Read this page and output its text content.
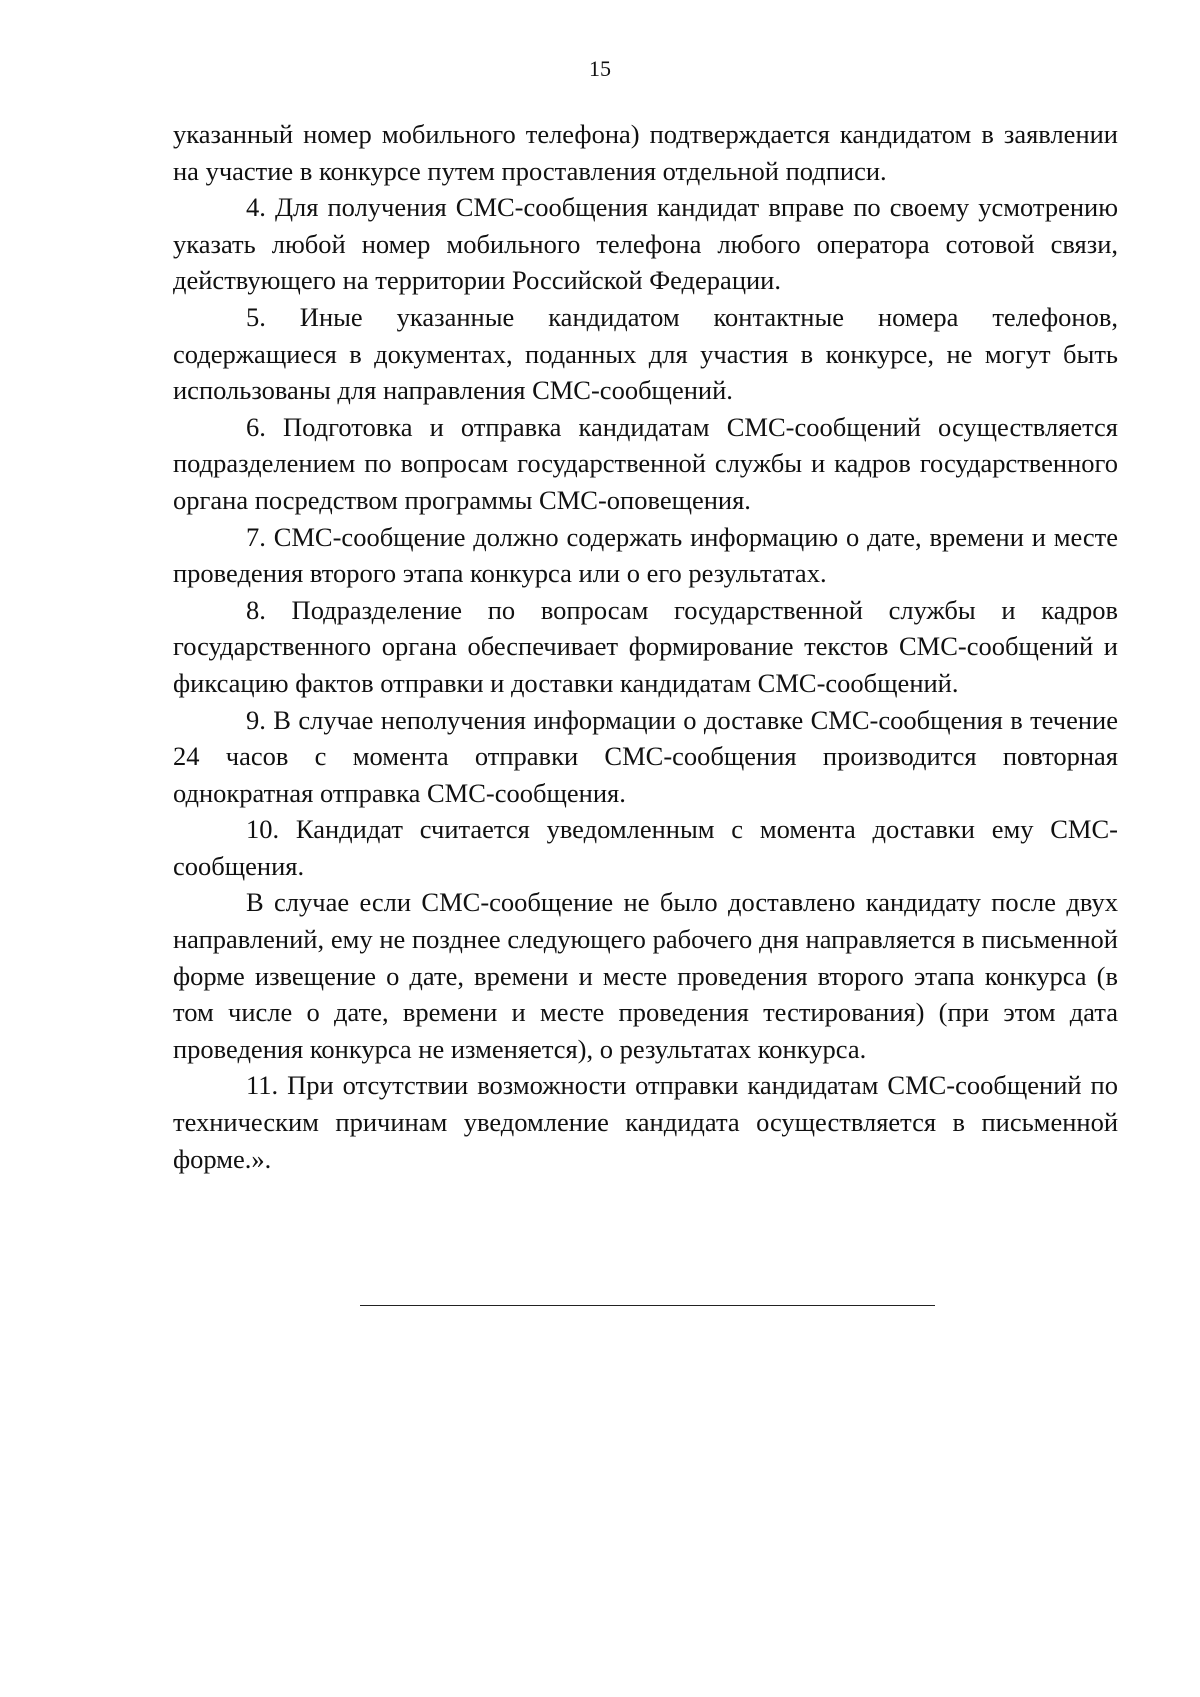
15

указанный номер мобильного телефона) подтверждается кандидатом в заявлении на участие в конкурсе путем проставления отдельной подписи.

4. Для получения СМС-сообщения кандидат вправе по своему усмотрению указать любой номер мобильного телефона любого оператора сотовой связи, действующего на территории Российской Федерации.

5. Иные указанные кандидатом контактные номера телефонов, содержащиеся в документах, поданных для участия в конкурсе, не могут быть использованы для направления СМС-сообщений.

6. Подготовка и отправка кандидатам СМС-сообщений осуществляется подразделением по вопросам государственной службы и кадров государственного органа посредством программы СМС-оповещения.

7. СМС-сообщение должно содержать информацию о дате, времени и месте проведения второго этапа конкурса или о его результатах.

8. Подразделение по вопросам государственной службы и кадров государственного органа обеспечивает формирование текстов СМС-сообщений и фиксацию фактов отправки и доставки кандидатам СМС-сообщений.

9. В случае неполучения информации о доставке СМС-сообщения в течение 24 часов с момента отправки СМС-сообщения производится повторная однократная отправка СМС-сообщения.

10. Кандидат считается уведомленным с момента доставки ему СМС-сообщения.

В случае если СМС-сообщение не было доставлено кандидату после двух направлений, ему не позднее следующего рабочего дня направляется в письменной форме извещение о дате, времени и месте проведения второго этапа конкурса (в том числе о дате, времени и месте проведения тестирования) (при этом дата проведения конкурса не изменяется), о результатах конкурса.

11. При отсутствии возможности отправки кандидатам СМС-сообщений по техническим причинам уведомление кандидата осуществляется в письменной форме.».
